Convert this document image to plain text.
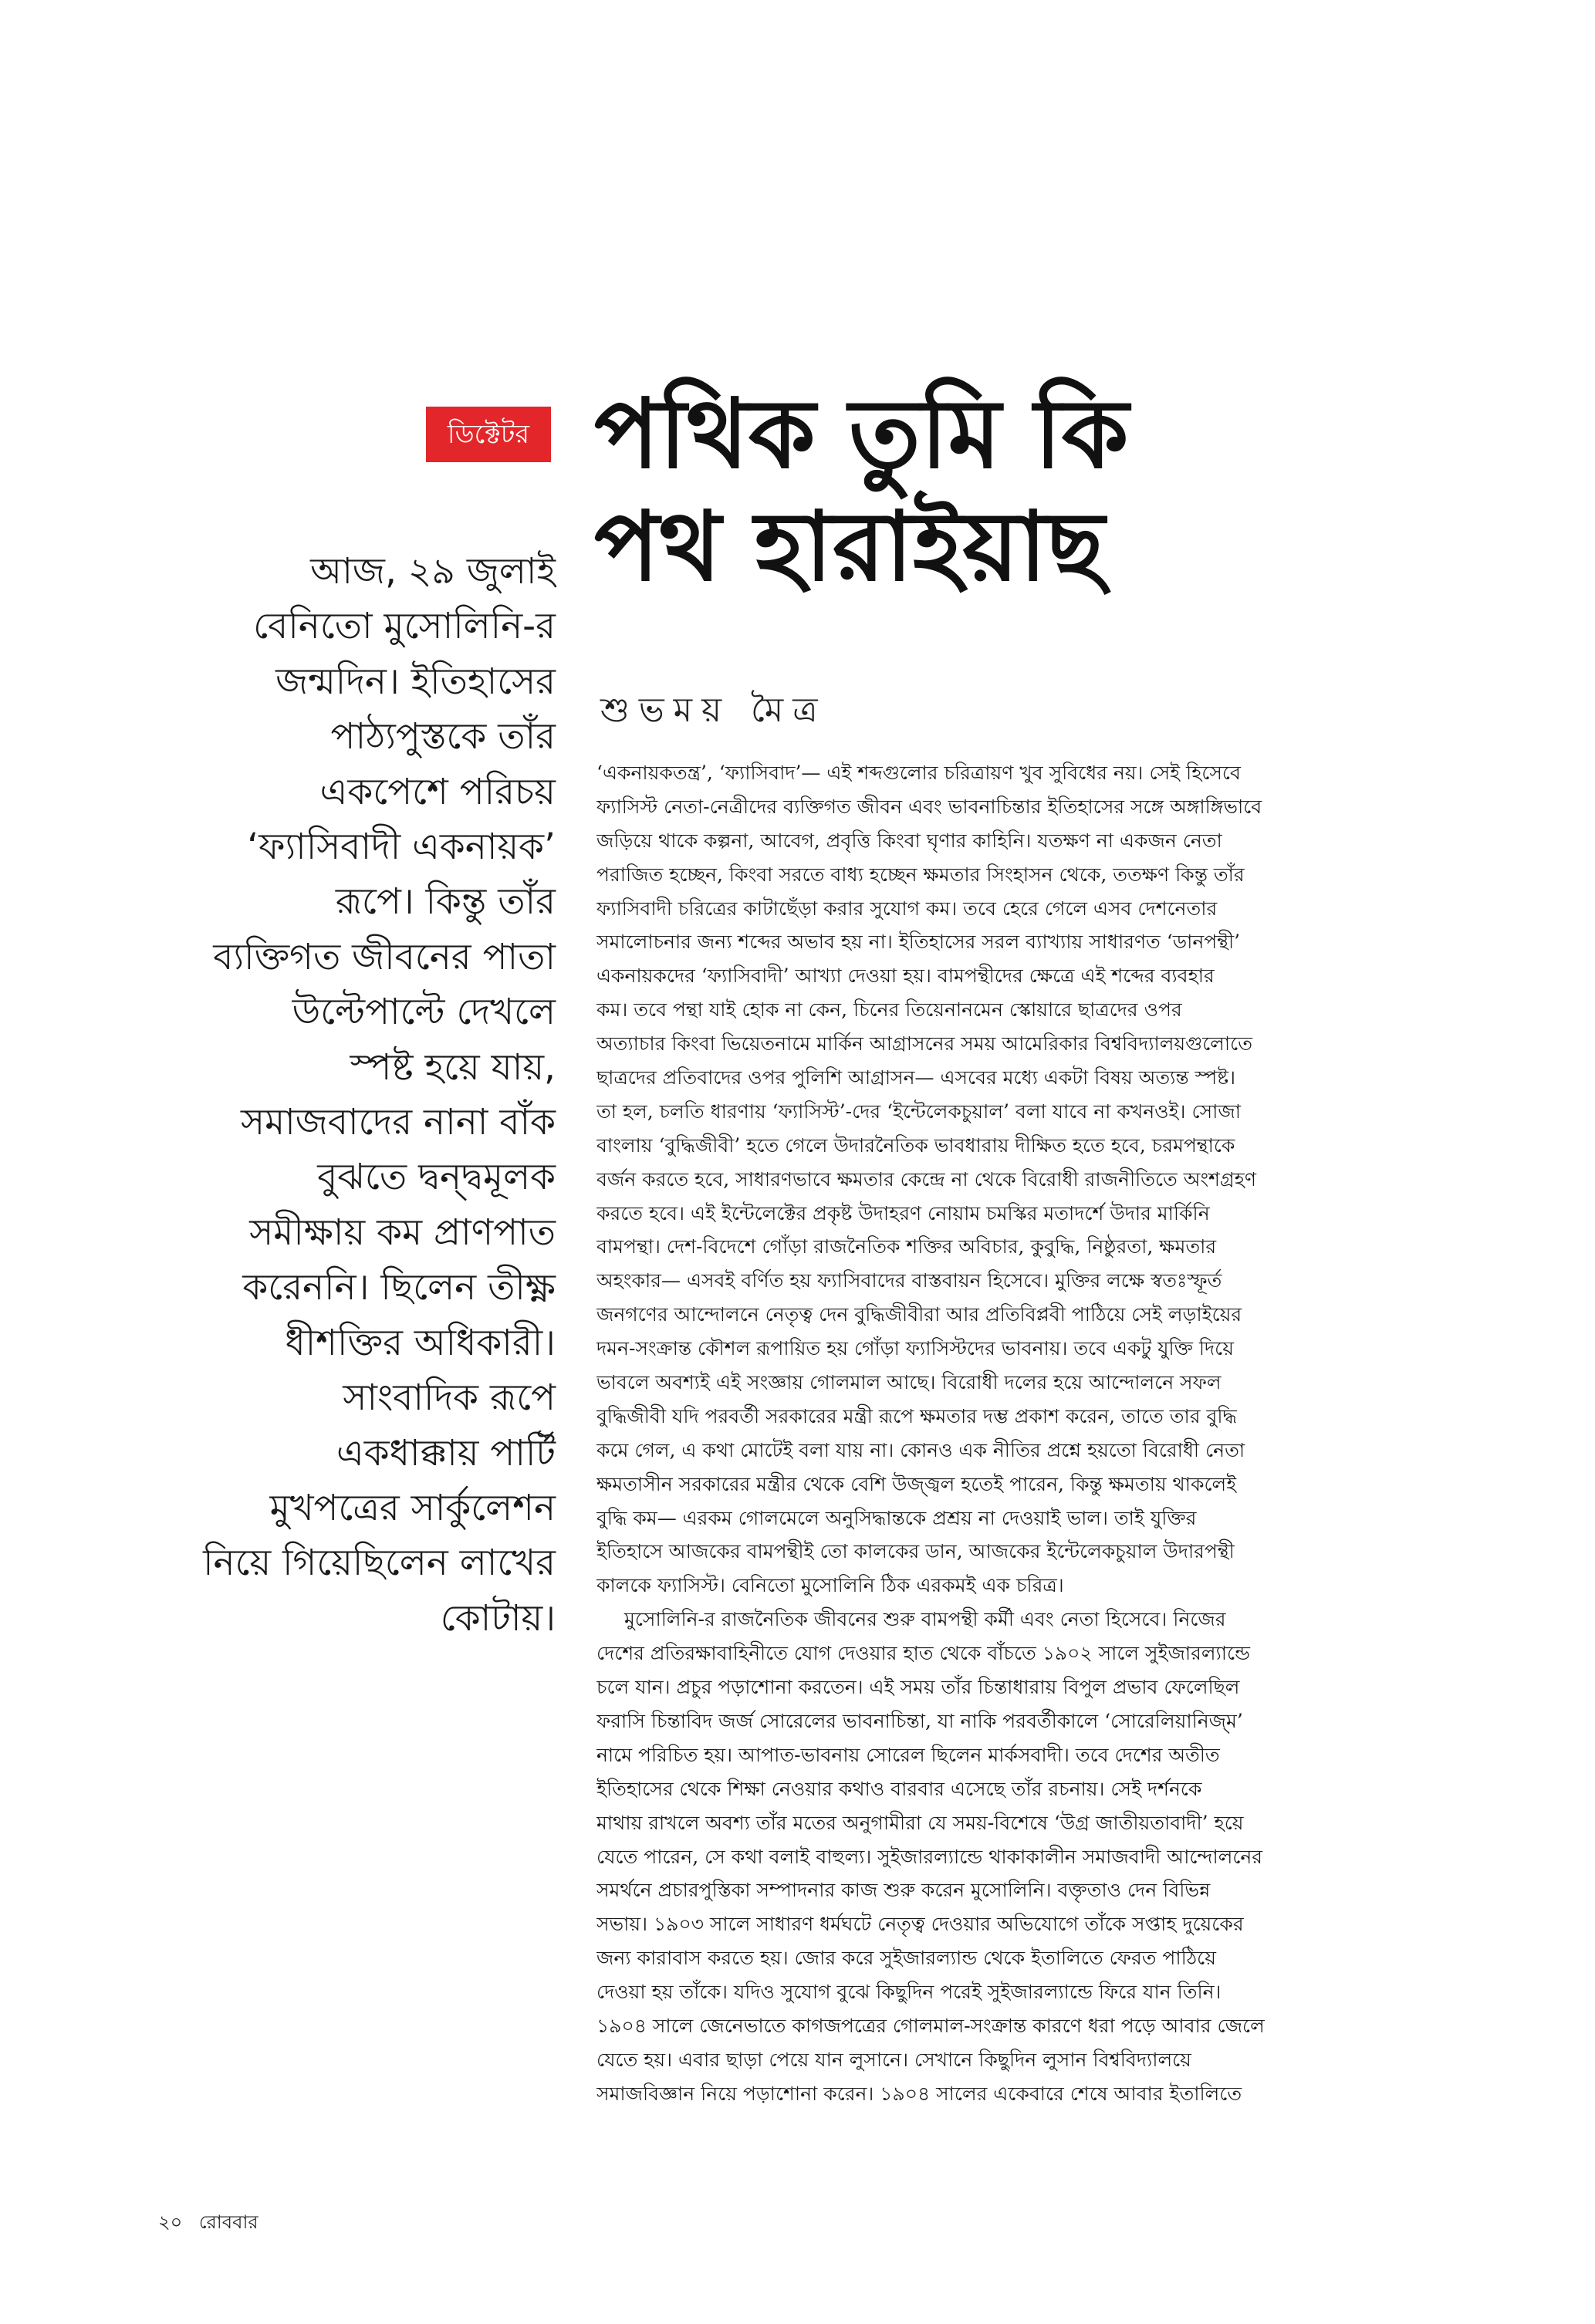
ডিক্টেটর পথিক তুমি কি
পথ হারাইয়াছ
শুভময় মৈত্র
আজ, ২৯ জুলাই
বেনিতো মুসোলিনি-র
জন্মদিন। ইতিহাসের
পাঠ্যপুস্তকে তাঁর
একপেশে পরিচয়
‘ফ্যাসিবাদী একনায়ক’
রূপে। কিন্তু তাঁর
ব্যক্তিগত জীবনের পাতা
উল্টেপাল্টে দেখলে
স্পষ্ট হয়ে যায়,
সমাজবাদের নানা বাঁক
বুঝতে দ্বন্দ্বমূলক
সমীক্ষায় কম প্রাণপাত
করেননি। ছিলেন তীক্ষ্ণ
ধীশক্তির অধিকারী।
সাংবাদিক রূপে
একধাক্কায় পার্টি
মুখপত্রের সার্কুলেশন
নিয়ে গিয়েছিলেন লাখের
কোটায়।
‘একনায়কতন্ত্র’, ‘ফ্যাসিবাদ’— এই শব্দগুলোর চরিত্রায়ণ খুব সুবিধের নয়। সেই হিসেবে
ফ্যাসিস্ট নেতা-নেত্রীদের ব্যক্তিগত জীবন এবং ভাবনাচিন্তার ইতিহাসের সঙ্গে অঙ্গাঙ্গিভাবে
জড়িয়ে থাকে কল্পনা, আবেগ, প্রবৃত্তি কিংবা ঘৃণার কাহিনি। যতক্ষণ না একজন নেতা
পরাজিত হচ্ছেন, কিংবা সরতে বাধ্য হচ্ছেন ক্ষমতার সিংহাসন থেকে, ততক্ষণ কিন্তু তাঁর
ফ্যাসিবাদী চরিত্রের কাটাছেঁড়া করার সুযোগ কম। তবে হেরে গেলে এসব দেশনেতার
সমালোচনার জন্য শব্দের অভাব হয় না। ইতিহাসের সরল ব্যাখ্যায় সাধারণত ‘ডানপন্থী’
একনায়কদের ‘ফ্যাসিবাদী’ আখ্যা দেওয়া হয়। বামপন্থীদের ক্ষেত্রে এই শব্দের ব্যবহার
কম। তবে পন্থা যাই হোক না কেন, চিনের তিয়েনানমেন স্কোয়ারে ছাত্রদের ওপর
অত্যাচার কিংবা ভিয়েতনামে মার্কিন আগ্রাসনের সময় আমেরিকার বিশ্ববিদ্যালয়গুলোতে
ছাত্রদের প্রতিবাদের ওপর পুলিশি আগ্রাসন— এসবের মধ্যে একটা বিষয় অত্যন্ত স্পষ্ট।
তা হল, চলতি ধারণায় ‘ফ্যাসিস্ট’-দের ‘ইন্টেলেকচুয়াল’ বলা যাবে না কখনওই। সোজা
বাংলায় ‘বুদ্ধিজীবী’ হতে গেলে উদারনৈতিক ভাবধারায় দীক্ষিত হতে হবে, চরমপন্থাকে
বর্জন করতে হবে, সাধারণভাবে ক্ষমতার কেন্দ্রে না থেকে বিরোধী রাজনীতিতে অংশগ্রহণ
করতে হবে। এই ইন্টেলেক্টের প্রকৃষ্ট উদাহরণ নোয়াম চমস্কির মতাদর্শে উদার মার্কিনি
বামপন্থা। দেশ-বিদেশে গোঁড়া রাজনৈতিক শক্তির অবিচার, কুবুদ্ধি, নিষ্ঠুরতা, ক্ষমতার
অহংকার— এসবই বর্ণিত হয় ফ্যাসিবাদের বাস্তবায়ন হিসেবে। মুক্তির লক্ষে স্বতঃস্ফূর্ত
জনগণের আন্দোলনে নেতৃত্ব দেন বুদ্ধিজীবীরা আর প্রতিবিপ্লবী পাঠিয়ে সেই লড়াইয়ের
দমন-সংক্রান্ত কৌশল রূপায়িত হয় গোঁড়া ফ্যাসিস্টদের ভাবনায়। তবে একটু যুক্তি দিয়ে
ভাবলে অবশ্যই এই সংজ্ঞায় গোলমাল আছে। বিরোধী দলের হয়ে আন্দোলনে সফল
বুদ্ধিজীবী যদি পরবর্তী সরকারের মন্ত্রী রূপে ক্ষমতার দম্ভ প্রকাশ করেন, তাতে তার বুদ্ধি
কমে গেল, এ কথা মোটেই বলা যায় না। কোনও এক নীতির প্রশ্নে হয়তো বিরোধী নেতা
ক্ষমতাসীন সরকারের মন্ত্রীর থেকে বেশি উজ্জ্বল হতেই পারেন, কিন্তু ক্ষমতায় থাকলেই
বুদ্ধি কম— এরকম গোলমেলে অনুসিদ্ধান্তকে প্রশ্রয় না দেওয়াই ভাল। তাই যুক্তির
ইতিহাসে আজকের বামপন্থীই তো কালকের ডান, আজকের ইন্টেলেকচুয়াল উদারপন্থী
কালকে ফ্যাসিস্ট। বেনিতো মুসোলিনি ঠিক এরকমই এক চরিত্র।
মুসোলিনি-র রাজনৈতিক জীবনের শুরু বামপন্থী কর্মী এবং নেতা হিসেবে। নিজের
দেশের প্রতিরক্ষাবাহিনীতে যোগ দেওয়ার হাত থেকে বাঁচতে ১৯০২ সালে সুইজারল্যান্ডে
চলে যান। প্রচুর পড়াশোনা করতেন। এই সময় তাঁর চিন্তাধারায় বিপুল প্রভাব ফেলেছিল
ফরাসি চিন্তাবিদ জর্জ সোরেলের ভাবনাচিন্তা, যা নাকি পরবর্তীকালে ‘সোরেলিয়ানিজ্‌ম’
নামে পরিচিত হয়। আপাত-ভাবনায় সোরেল ছিলেন মার্কসবাদী। তবে দেশের অতীত
ইতিহাসের থেকে শিক্ষা নেওয়ার কথাও বারবার এসেছে তাঁর রচনায়। সেই দর্শনকে
মাথায় রাখলে অবশ্য তাঁর মতের অনুগামীরা যে সময়-বিশেষে ‘উগ্র জাতীয়তাবাদী’ হয়ে
যেতে পারেন, সে কথা বলাই বাহুল্য। সুইজারল্যান্ডে থাকাকালীন সমাজবাদী আন্দোলনের
সমর্থনে প্রচারপুস্তিকা সম্পাদনার কাজ শুরু করেন মুসোলিনি। বক্তৃতাও দেন বিভিন্ন
সভায়। ১৯০৩ সালে সাধারণ ধর্মঘটে নেতৃত্ব দেওয়ার অভিযোগে তাঁকে সপ্তাহ দুয়েকের
জন্য কারাবাস করতে হয়। জোর করে সুইজারল্যান্ড থেকে ইতালিতে ফেরত পাঠিয়ে
দেওয়া হয় তাঁকে। যদিও সুযোগ বুঝে কিছুদিন পরেই সুইজারল্যান্ডে ফিরে যান তিনি।
১৯০৪ সালে জেনেভাতে কাগজপত্রের গোলমাল-সংক্রান্ত কারণে ধরা পড়ে আবার জেলে
যেতে হয়। এবার ছাড়া পেয়ে যান লুসানে। সেখানে কিছুদিন লুসান বিশ্ববিদ্যালয়ে
সমাজবিজ্ঞান নিয়ে পড়াশোনা করেন। ১৯০৪ সালের একেবারে শেষে আবার ইতালিতে
২০ রোববার
